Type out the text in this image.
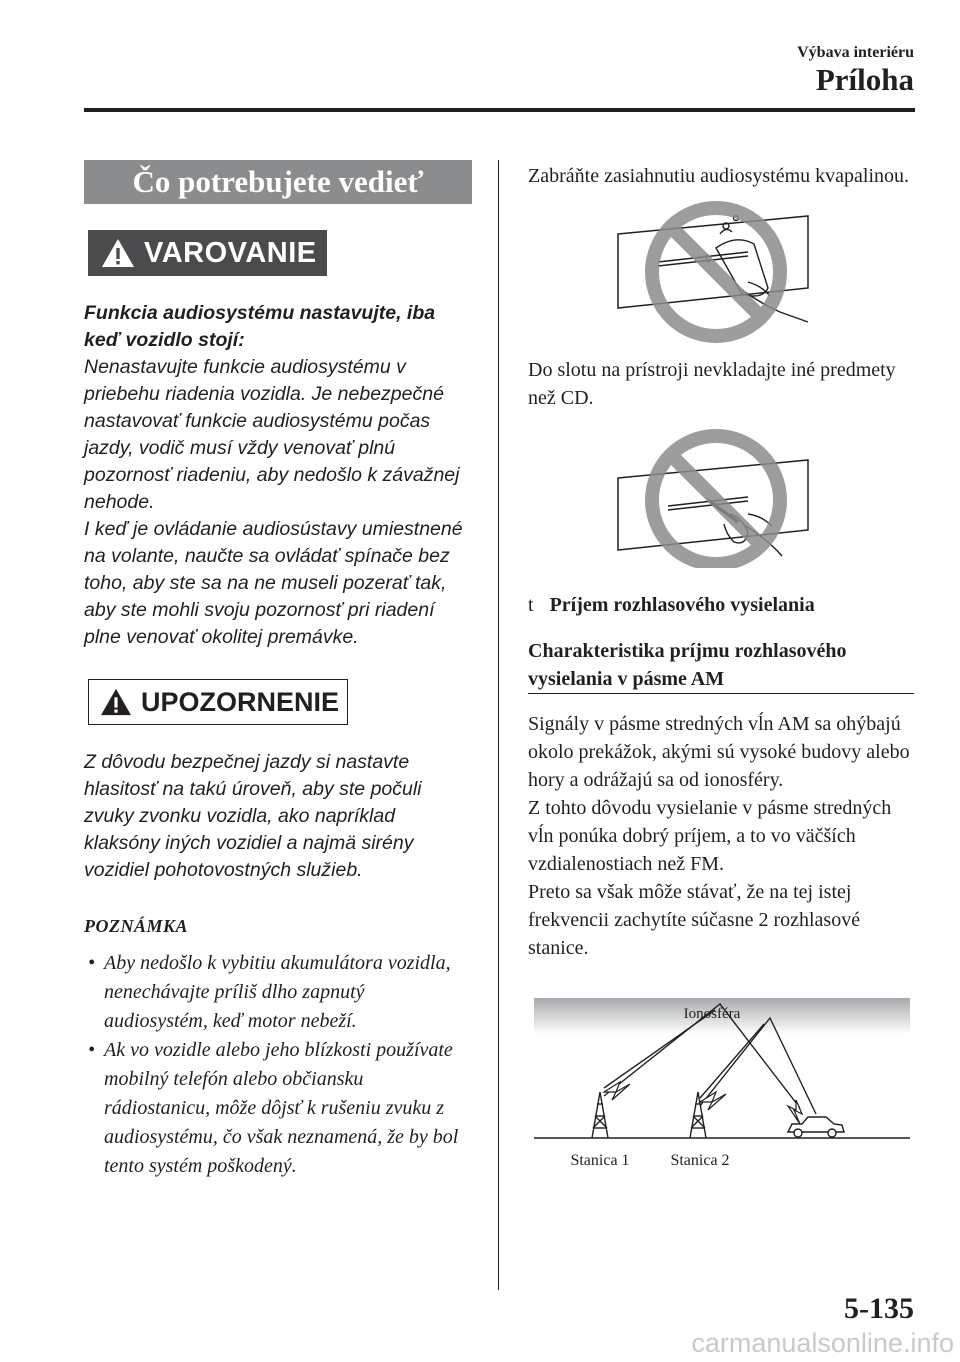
Výbava interiéru
Príloha
Čo potrebujete vedieť
VAROVANIE

Funkcia audiosystému nastavujte, iba keď vozidlo stojí:

Nenastavujte funkcie audiosystému v priebehu riadenia vozidla. Je nebezpečné nastavovať funkcie audiosystému počas jazdy, vodič musí vždy venovať plnú pozornosť riadeniu, aby nedošlo k závažnej nehode.

I keď je ovládanie audiosústavy umiestnené na volante, naučte sa ovládať spínače bez toho, aby ste sa na ne museli pozerať tak, aby ste mohli svoju pozornosť pri riadení plne venovať okolitej premávke.

UPOZORNENIE
Z dôvodu bezpečnej jazdy si nastavte hlasitosť na takú úroveň, aby ste počuli zvuky zvonku vozidla, ako napríklad klaksóny iných vozidiel a najmä sirény vozidiel pohotovostných služieb.
POZNÁMKA
• Aby nedošlo k vybitiu akumulátora vozidla, nenechávajte príliš dlho zapnutý audiosystém, keď motor nebeží.
• Ak vo vozidle alebo jeho blízkosti používate mobilný telefón alebo občiansku rádiostanicu, môže dôjsť k rušeniu zvuku z audiosystému, čo však neznamená, že by bol tento systém poškodený.

Zabráňte zasiahnutiu audiosystému kvapalinou.

Do slotu na prístroji nevkladajte iné predmety než CD.

t Príjem rozhlasového vysielania
Charakteristika príjmu rozhlasového vysielania v pásme AM

Signály v pásme stredných vĺn AM sa ohýbajú okolo prekážok, akými sú vysoké budovy alebo hory a odrážajú sa od ionosféry.

Z tohto dôvodu vysielanie v pásme stredných vĺn ponúka dobrý príjem, a to vo väčších vzdialenostiach než FM.

Preto sa však môže stávať, že na tej istej frekvencii zachytíte súčasne 2 rozhlasové stanice.

Ionosféra
Stanica 1	Stanica 2
5-135
carmanualsonline.info
